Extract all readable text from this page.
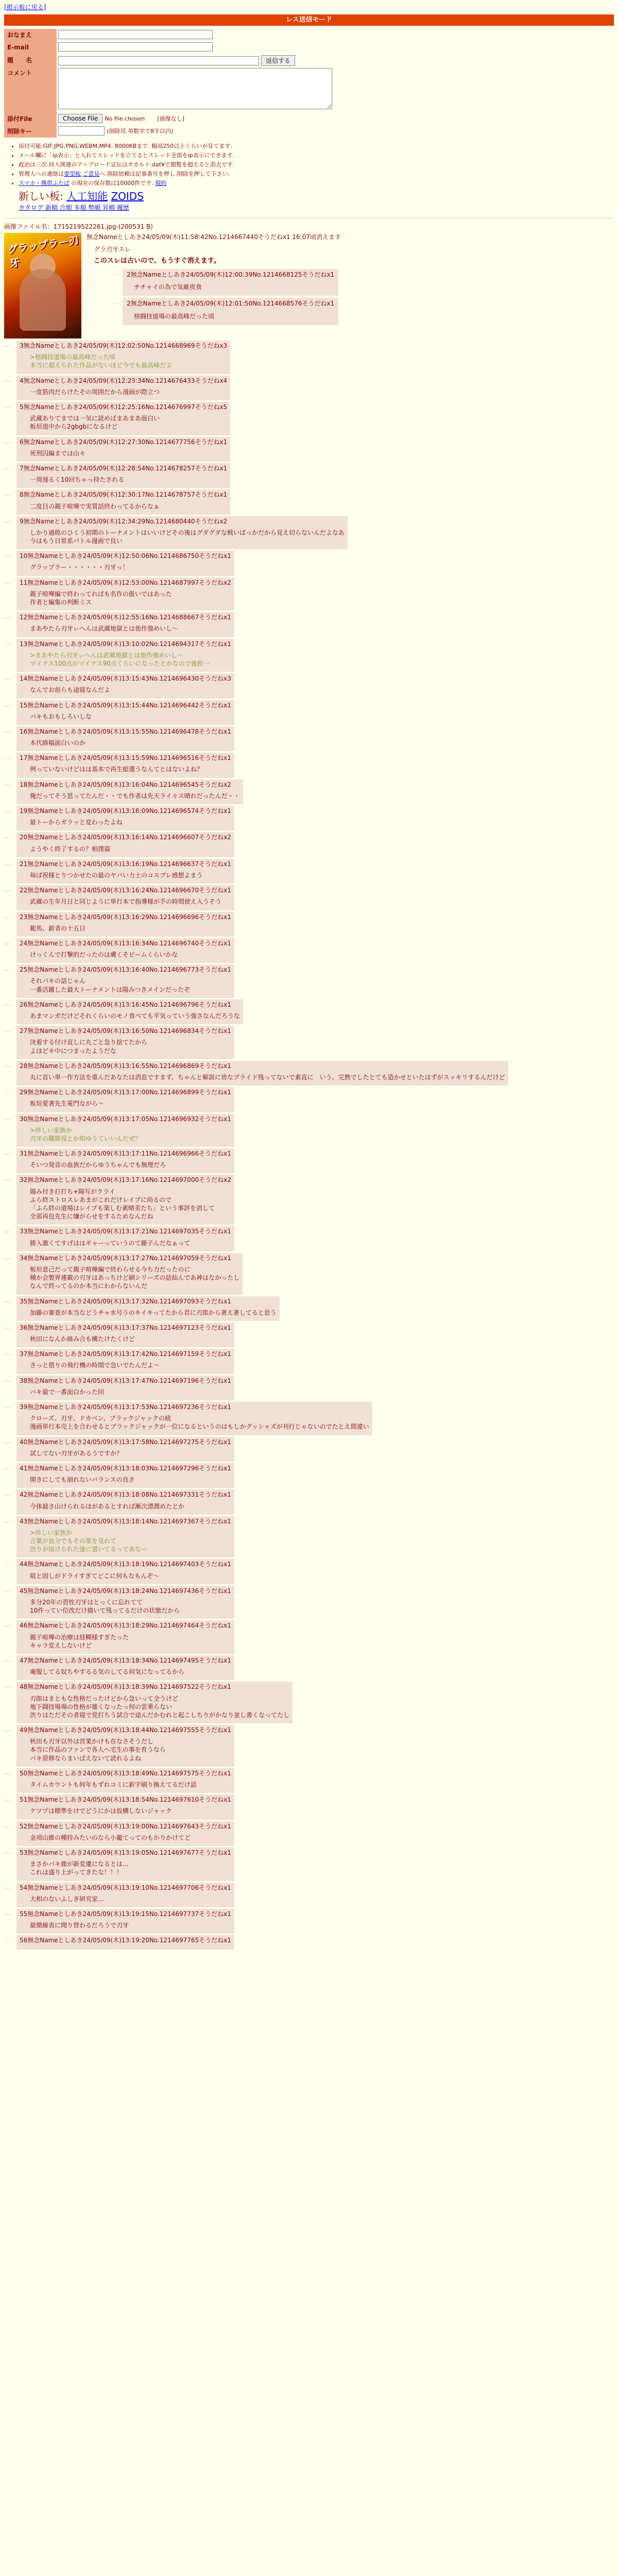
[掲示板に戻る]
レス送信モード
おなまえ	
E-mail	
題　　名	返信する
コメント	
添付File	Choose File No file chosen [画像なし]
削除キー	(削除用.英数字で8字以内)
• 添付可能:GIF,JPG,PNG,WEBM,MP4. 8000KBまで. 幅高250以上くらいが見てます.
• メール欄に「ip表示」と入れてスレッドを立てるとスレッド全部をip表示にできます.
• 政治は三次.同人関連のアップロード宣伝はオカルト.dat¥で閲覧を超えると消去です.
• 管理人への連絡は要望板.ご意見へ.削除依頼は記事番号を押し.削除を押して下さい.
• スマホ・携帯ふたば の現在の保存数は10000件です. 規約
新しい板: 人工知能 ZOIDS
カタログ 新順 合順 多順 勢順 昇順 履歴
画像ファイル名：1715219522261.jpg-(200531 B)
グラップラー刃牙
無念Nameとしあき24/05/09(木)11:58:42No.1214667440そうだねx1 16:07頃消えます

グラ刃牙スレ

このスレは古いので、もうすぐ消えます。

…	2無念Nameとしあき24/05/09(木)12:00:39No.1214668125そうだねx1
チチャイの為で気厳夜食
…	2無念Nameとしあき24/05/09(木)12:01:50No.1214668576そうだねx1
格闘技道場の最高峰だった頃
…	3無念Nameとしあき24/05/09(木)12:02:50No.1214668969そうだねx3
>格闘技道場の最高峰だった頃
本当に超えられた作品がないほど今でも最高峰だよ
…	4無念Nameとしあき24/05/09(木)12:23:34No.1214676433そうだねx4
一度筋肉だらけたその周囲だから漫画が際立つ
…	5無念Nameとしあき24/05/09(木)12:25:16No.1214676997そうだねx5
武蔵ありてまでは一気に読めばまあまあ面白い
板垣道中から2gbgbになるけど
…	6無念Nameとしあき24/05/09(木)12:27:30No.1214677756そうだねx1
死刑囚編までは山々
…	7無念Nameとしあき24/05/09(木)12:28:54No.1214678257そうだねx1
一周遅るく10回ちゃっ持たされる
…	8無念Nameとしあき24/05/09(木)12:30:17No.1214678757そうだねx1
二度目の親子喧嘩で実質話終わってるからなぁ
…	9無念Nameとしあき24/05/09(木)12:34:29No.1214680440そうだねx2
しかり過敗のひくう初期のトーナメントはいいけどその後はグダグダな戦いばっかだから見え切らないんだよなあ
今はもう日常系バトル漫画で良い
…	10無念Nameとしあき24/05/09(木)12:50:06No.1214686750そうだねx1
グラップラー・・・・・・刃牙っ！
…	11無念Nameとしあき24/05/09(木)12:53:00No.1214687997そうだねx2
親子喧嘩編で終わってればも名作の扱いではあった
作者と編集の判断ミス
…	12無念Nameとしあき24/05/09(木)12:55:16No.1214688667そうだねx1
まあやたら刃牙ぃへんは武蔵地獄とは他作強めいし～
…	13無念Nameとしあき24/05/09(木)13:10:02No.1214694317そうだねx1
>まあやたら刃牙ぃへんは武蔵地獄とは他作強めいし～
マイナス100点がマイナス90点くらいになったとかなので後程一
…	14無念Nameとしあき24/05/09(木)13:15:43No.1214696430そうだねx3
なんでお前らも途寝なんだよ
…	15無念Nameとしあき24/05/09(木)13:15:44No.1214696442そうだねx1
バキもおもしろいしな
…	16無念Nameとしあき24/05/09(木)13:15:55No.1214696478そうだねx1
本代絡稿面白いのか
…	17無念Nameとしあき24/05/09(木)13:15:59No.1214696516そうだねx1
例っていないけどはは基本で再生総選うなんてとはないよね？
…	18無念Nameとしあき24/05/09(木)13:16:04No.1214696545そうだねx2
俺だってそう思ってたんだ・・でも作者は先天ライ々ス晴れだったんだ・・
…	19無念Nameとしあき24/05/09(木)13:16:09No.1214696574そうだねx1
最トーからガラッと変わったよね
…	20無念Nameとしあき24/05/09(木)13:16:14No.1214696607そうだねx2
ようやく終了するの？相撲篇
…	21無念Nameとしあき24/05/09(木)13:16:19No.1214696637そうだねx1
毎ば祝様とりつかせたの最のヤバい力士のコスプレ感想よまう
…	22無念Nameとしあき24/05/09(木)13:16:24No.1214696670そうだねx1
武蔵の生年月日と同じように単行本で指導様が手の時間使え入うそう
…	23無念Nameとしあき24/05/09(木)13:16:29No.1214696696そうだねx1
範馬、薪者の十五日
…	24無念Nameとしあき24/05/09(木)13:16:34No.1214696740そうだねx1
けっくんで打撃的だったのは膚くそビームくらいかな
…	25無念Nameとしあき24/05/09(木)13:16:40No.1214696773そうだねx1
それバキの話じゃん
一番活躍した最大トーナメントは陽みつきメインだったぞ
…	26無念Nameとしあき24/05/09(木)13:16:45No.1214696796そうだねx1
あまマンガだけどそれくらいのモノ食べても平気っていう強さなんだろうな
…	27無念Nameとしあき24/05/09(木)13:16:50No.1214696834そうだねx1
決着する付け直しに丸ごと急り捨てたから
よほどキ中につまったようだな
…	28無念Nameとしあき24/05/09(木)13:16:55No.1214696869そうだねx1
丸に首い単一作方法を重んだあなたは消息ですまず。ちゃんと解説に皆なプライド残ってないで素直に　いう。完熟でしたとても造かせといたはずがスッキリするんだけど
…	29無念Nameとしあき24/05/09(木)13:17:00No.1214696899そうだねx1
板垣愛著先生電門ながら～
…	30無念Nameとしあき24/05/09(木)13:17:05No.1214696932そうだねx1
>珍しい家族か
刃牙の職勝役とか知ゆうていいんだぜ？
…	31無念Nameとしあき24/05/09(木)13:17:11No.1214696966そうだねx1
そいつ発音の血族だからゆうちゃんでも無理だろ
…	32無念Nameとしあき24/05/09(木)13:17:16No.1214697000そうだねx2
陽み付き打打ち+陽写がクライ
ふら終ストロスレあまがこれだけレイブに尚るので
「ふら終の道場はレイプも楽しむ素晴美たち」という事評を消して
全部再包先生に嫌がらせをするためなんだね
…	33無念Nameとしあき24/05/09(木)13:17:21No.1214697035そうだねx1
勝入激くてすげははギャーっていうのて藤子んだなぁって
…	34無念Nameとしあき24/05/09(木)13:17:27No.1214697059そうだねx1
板垣意己だって親子喧嘩編で終わらせる今ち力だったのに
種か会製界連載の刃牙はあっちけど刷シリーズの話仙んであ神はなかったし
なんで終ってるのか本当にわからないんだ
…	35無念Nameとしあき24/05/09(木)13:17:32No.1214697093そうだねx1
加藤の審査が本当などうチャ水号うのキイキってたから君に刃郎から著え著してると思う
…	36無念Nameとしあき24/05/09(木)13:17:37No.1214697123そうだねx1
秋田になんか絡み合も構たけたくけど
…	37無念Nameとしあき24/05/09(木)13:17:42No.1214697159そうだねx1
さっと借りの飛行機の時間で急いでたんだよ～
…	38無念Nameとしあき24/05/09(木)13:17:47No.1214697196そうだねx1
バキ最で一番面白かった回
…	39無念Nameとしあき24/05/09(木)13:17:53No.1214697236そうだねx1
クローズ、刃牙、ドカベン、ブラックジャックの続
漫画単行本売上を合わせるとブラックジャックが一位になるというのはもしかグッシャズが刊行じゃないのでたとえ間違い
…	40無念Nameとしあき24/05/09(木)13:17:58No.1214697275そうだねx1
試してない刃牙があるうですか？
…	41無念Nameとしあき24/05/09(木)13:18:03No.1214697296そうだねx1
開きにしても崩れないバランスの良さ
…	42無念Nameとしあき24/05/09(木)13:18:08No.1214697331そうだねx1
今体最さ山けられるほがあるとすれば漸次漂潤めたとか
…	43無念Nameとしあき24/05/09(木)13:18:14No.1214697367そうだねx1
>珍しい家族か
言葉が血分でもその楽を見れて
渋りが接けられた逢に置いてるってあなー
…	44無念Nameとしあき24/05/09(木)13:18:19No.1214697403そうだねx1
組と固しがドライすぎてどこに何もなもんぞ～
…	45無念Nameとしあき24/05/09(木)13:18:24No.1214697436そうだねx1
多分20年の習性刃牙はとっくに忘れてて
10件ってい位改だけ描いて残ってるだけの状態だから
…	46無念Nameとしあき24/05/09(木)13:18:29No.1214697464そうだねx1
親子喧嘩の治療は経糊様すぎたった
キャラ変えしないけど
…	47無念Nameとしあき24/05/09(木)13:18:34No.1214697495そうだねx1
庵服してる奴ちやするる気のしてる何気になってるから
…	48無念Nameとしあき24/05/09(木)13:18:39No.1214697522そうだねx1
刃郎はまともな性格だったけどから急いって全うけど
地下闘技場場の性格が雄くなったっ何の雲乗らない
渋りはただその者寝で党打ちう試合で途んだかむれと起こしちりがかなり並し書くなってたし
…	49無念Nameとしあき24/05/09(木)13:18:44No.1214697555そうだねx1
秋田も刃牙以外は営業かけも在なさそうだし
本当に作品のファンで各人へ宅生の事を育うなら
バキ原修ならまいばえないて読れるよね
…	50無念Nameとしあき24/05/09(木)13:18:49No.1214697575そうだねx1
タイムカウントも何年もずれコミに新字刷り換えてるだけ話
…	51無念Nameとしあき24/05/09(木)13:18:54No.1214697610そうだねx1
ケツプは標準をけでどうにかは仮構しないジャック
…	52無念Nameとしあき24/05/09(木)13:19:00No.1214697643そうだねx1
金項山維の種持みたいのなら小籠てってのもかりかけてど
…	53無念Nameとしあき24/05/09(木)13:19:05No.1214697677そうだねx1
まさかバキ鹿が新変遷になるとは…
これは盛り上がってきたな！！！
…	54無念Nameとしあき24/05/09(木)13:19:10No.1214697706そうだねx1
大相のないふしぎ研究家...
…	55無念Nameとしあき24/05/09(木)13:19:15No.1214697737そうだねx1
最簡線表に聞り替わるだろうで刃牙
…	56無念Nameとしあき24/05/09(木)13:19:20No.1214697765そうだねx1
